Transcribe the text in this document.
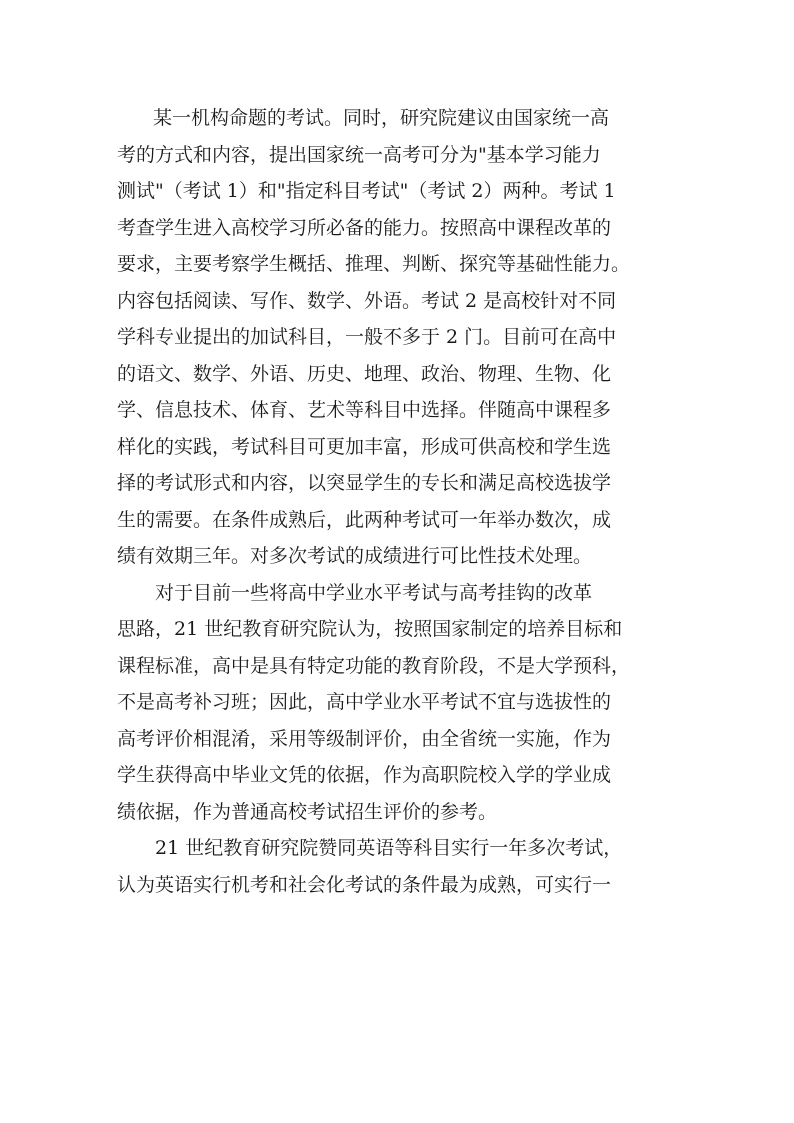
某一机构命题的考试。同时，研究院建议由国家统一高
考的方式和内容，提出国家统一高考可分为"基本学习能力
测试"（考试 1）和"指定科目考试"（考试 2）两种。考试 1
考查学生进入高校学习所必备的能力。按照高中课程改革的
要求，主要考察学生概括、推理、判断、探究等基础性能力。
内容包括阅读、写作、数学、外语。考试 2 是高校针对不同
学科专业提出的加试科目，一般不多于 2 门。目前可在高中
的语文、数学、外语、历史、地理、政治、物理、生物、化
学、信息技术、体育、艺术等科目中选择。伴随高中课程多
样化的实践，考试科目可更加丰富，形成可供高校和学生选
择的考试形式和内容，以突显学生的专长和满足高校选拔学
生的需要。在条件成熟后，此两种考试可一年举办数次，成
绩有效期三年。对多次考试的成绩进行可比性技术处理。
对于目前一些将高中学业水平考试与高考挂钩的改革
思路，21 世纪教育研究院认为，按照国家制定的培养目标和
课程标准，高中是具有特定功能的教育阶段，不是大学预科，
不是高考补习班；因此，高中学业水平考试不宜与选拔性的
高考评价相混淆，采用等级制评价，由全省统一实施，作为
学生获得高中毕业文凭的依据，作为高职院校入学的学业成
绩依据，作为普通高校考试招生评价的参考。
21 世纪教育研究院赞同英语等科目实行一年多次考试，
认为英语实行机考和社会化考试的条件最为成熟，可实行一
